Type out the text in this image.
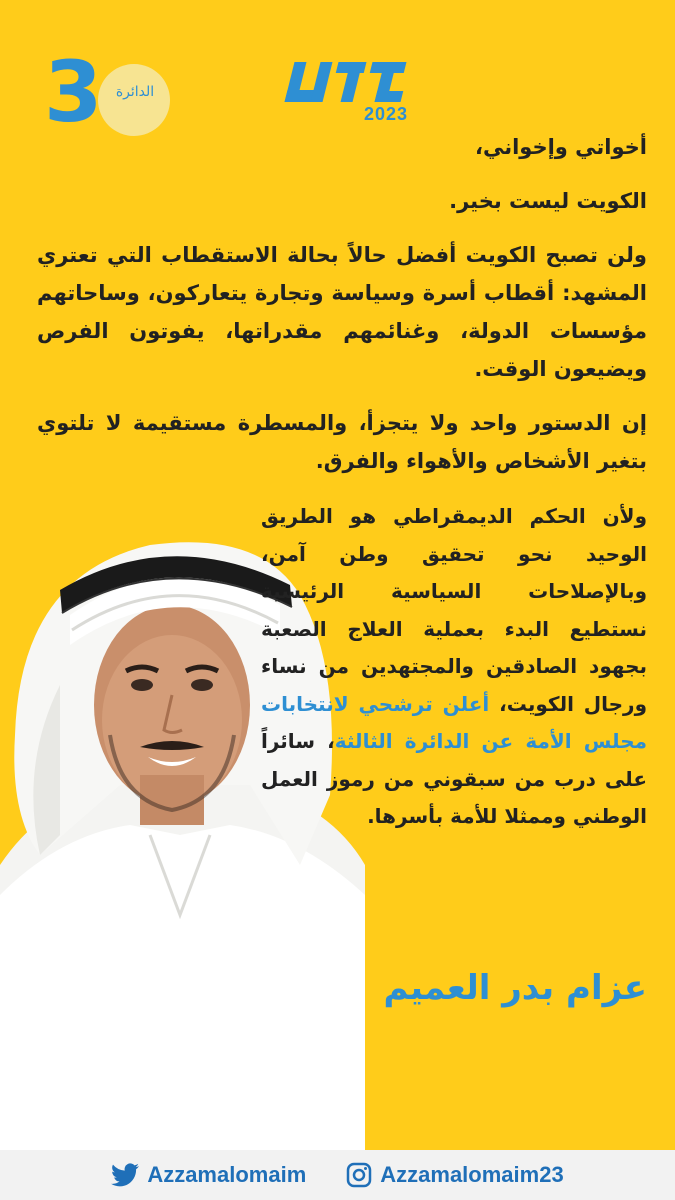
3 الدائرة
2023

أخواتي وإخواني،

الكويت ليست بخير.

ولن تصبح الكويت أفضل حالاً بحالة الاستقطاب التي تعتري المشهد: أقطاب أسرة وسياسة وتجارة يتعاركون، وساحاتهم مؤسسات الدولة، وغنائمهم مقدراتها، يفوتون الفرص ويضيعون الوقت.

إن الدستور واحد ولا يتجزأ، والمسطرة مستقيمة لا تلتوي بتغير الأشخاص والأهواء والفرق.

ولأن الحكم الديمقراطي هو الطريق الوحيد نحو تحقيق وطن آمن، وبالإصلاحات السياسية الرئيسية نستطيع البدء بعملية العلاج الصعبة بجهود الصادقين والمجتهدين من نساء ورجال الكويت، أعلن ترشحي لانتخابات مجلس الأمة عن الدائرة الثالثة، سائراً على درب من سبقوني من رموز العمل الوطني وممثلا للأمة بأسرها.
عزام بدر العميم
Azzamalomaim	Azzamalomaim23
